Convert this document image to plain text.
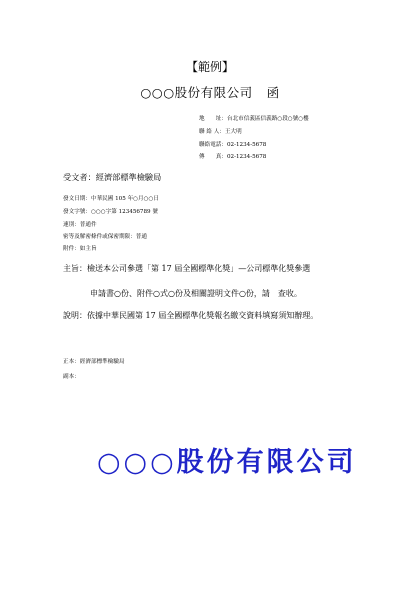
【範例】
○○○股份有限公司 函
地　　址：台北市信義區信義路○段○號○樓
聯 絡 人：王大明
聯絡電話：02-1234-5678
傳　　真：02-1234-5678
受文者：經濟部標準檢驗局
發文日期：中華民國 105 年○月○○日
發文字號：○○○字第 123456789 號
速別：普通件
密等及解密條件或保密期限：普通
附件：如主旨
主旨：檢送本公司參選「第 17 屆全國標準化獎」—公司標準化獎參選
申請書○份、附件○式○份及相關證明文件○份，請　查收。
說明：依據中華民國第 17 屆全國標準化獎報名繳交資料填寫須知辦理。
正本：經濟部標準檢驗局
副本：
○○○股份有限公司
